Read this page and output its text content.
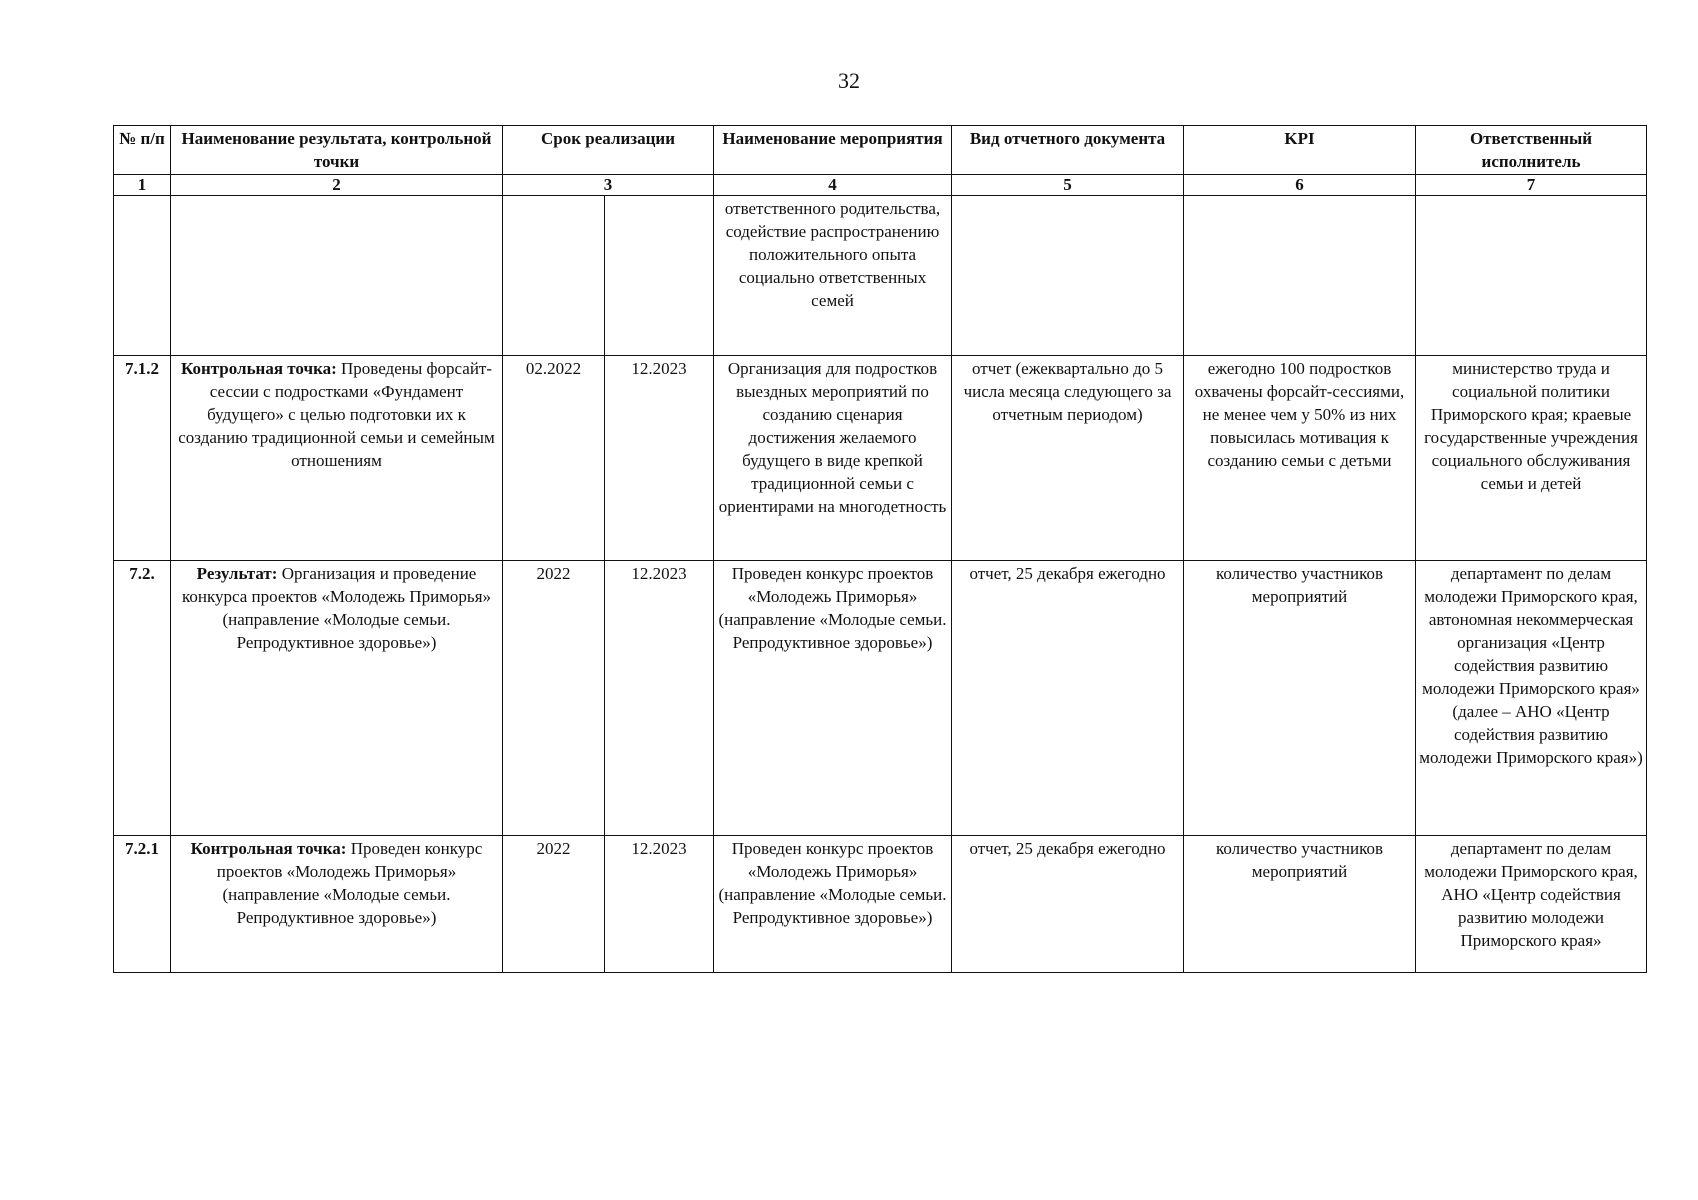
32
№ п/п	Наименование результата, контрольной точки	Срок реализации		Наименование мероприятия	Вид отчетного документа	KPI	Ответственный исполнитель
1	2	3		4	5	6	7
				ответственного родительства, содействие распространению положительного опыта социально ответственных семей			
7.1.2	Контрольная точка: Проведены форсайт-сессии с подростками «Фундамент будущего» с целью подготовки их к созданию традиционной семьи и семейным отношениям	02.2022	12.2023	Организация для подростков выездных мероприятий по созданию сценария достижения желаемого будущего в виде крепкой традиционной семьи с ориентирами на многодетность	отчет (ежеквартально до 5 числа месяца следующего за отчетным периодом)	ежегодно 100 подростков охвачены форсайт-сессиями, не менее чем у 50% из них повысилась мотивация к созданию семьи с детьми	министерство труда и социальной политики Приморского края; краевые государственные учреждения социального обслуживания семьи и детей
7.2.	Результат: Организация и проведение конкурса проектов «Молодежь Приморья» (направление «Молодые семьи. Репродуктивное здоровье»)	2022	12.2023	Проведен конкурс проектов «Молодежь Приморья» (направление «Молодые семьи. Репродуктивное здоровье»)	отчет, 25 декабря ежегодно	количество участников мероприятий	департамент по делам молодежи Приморского края, автономная некоммерческая организация «Центр содействия развитию молодежи Приморского края» (далее – АНО «Центр содействия развитию молодежи Приморского края»)
7.2.1	Контрольная точка: Проведен конкурс проектов «Молодежь Приморья» (направление «Молодые семьи. Репродуктивное здоровье»)	2022	12.2023	Проведен конкурс проектов «Молодежь Приморья» (направление «Молодые семьи. Репродуктивное здоровье»)	отчет, 25 декабря ежегодно	количество участников мероприятий	департамент по делам молодежи Приморского края, АНО «Центр содействия развитию молодежи Приморского края»
